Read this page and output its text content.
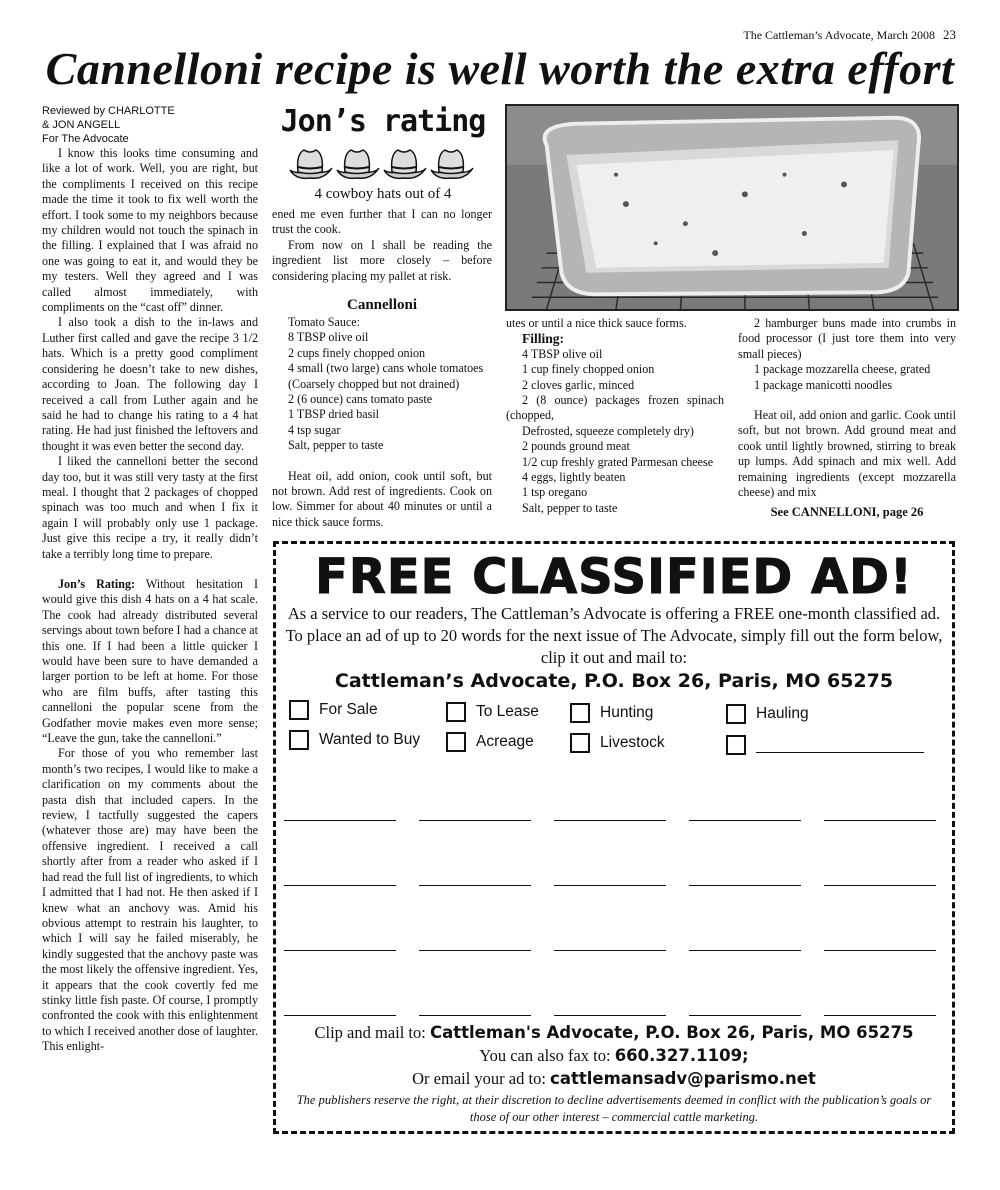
The Cattleman’s Advocate, March 2008 23
Cannelloni recipe is well worth the extra effort

Reviewed by CHARLOTTE

& JON ANGELL

For The Advocate

I know this looks time consuming and like a lot of work. Well, you are right, but the compliments I received on this recipe made the time it took to fix well worth the effort. I took some to my neighbors because my children would not touch the spinach in the filling. I explained that I was afraid no one was going to eat it, and would they be my testers. Well they agreed and I was called almost immediately, with compliments on the “cast off” dinner.

I also took a dish to the in-laws and Luther first called and gave the recipe 3 1/2 hats. Which is a pretty good compliment considering he doesn’t take to new dishes, according to Joan. The following day I received a call from Luther again and he said he had to change his rating to a 4 hat rating. He had just finished the leftovers and thought it was even better the second day.

I liked the cannelloni better the second day too, but it was still very tasty at the first meal. I thought that 2 packages of chopped spinach was too much and when I fix it again I will probably only use 1 package. Just give this recipe a try, it really didn’t take a terribly long time to prepare.

Jon’s Rating: Without hesitation I would give this dish 4 hats on a 4 hat scale. The cook had already distributed several servings about town before I had a chance at this one. If I had been a little quicker I would have been sure to have demanded a larger portion to be left at home. For those who are film buffs, after tasting this cannelloni the popular scene from the Godfather movie makes even more sense; “Leave the gun, take the cannelloni.”

For those of you who remember last month’s two recipes, I would like to make a clarification on my comments about the pasta dish that included capers. In the review, I tactfully suggested the capers (whatever those are) may have been the offensive ingredient. I received a call shortly after from a reader who asked if I had read the full list of ingredients, to which I admitted that I had not. He then asked if I knew what an anchovy was. Amid his obvious attempt to restrain his laughter, to which I will say he failed miserably, he kindly suggested that the anchovy paste was the most likely the offensive ingredient. Yes, it appears that the cook covertly fed me stinky little fish paste. Of course, I promptly confronted the cook with this enlightenment to which I received another dose of laughter. This enlight-

Jon’s rating
4 cowboy hats out of 4

ened me even further that I can no longer trust the cook.

From now on I shall be reading the ingredient list more closely – before considering placing my pallet at risk.

Cannelloni

Tomato Sauce:

8 TBSP olive oil

2 cups finely chopped onion

4 small (two large) cans whole tomatoes

(Coarsely chopped but not drained)

2 (6 ounce) cans tomato paste

1 TBSP dried basil

4 tsp sugar

Salt, pepper to taste

Heat oil, add onion, cook until soft, but not brown. Add rest of ingredients. Cook on low. Simmer for about 40 minutes or until a nice thick sauce forms.

utes or until a nice thick sauce forms.

Filling:

4 TBSP olive oil

1 cup finely chopped onion

2 cloves garlic, minced

2 (8 ounce) packages frozen spinach (chopped,

Defrosted, squeeze completely dry)

2 pounds ground meat

1/2 cup freshly grated Parmesan cheese

4 eggs, lightly beaten

1 tsp oregano

Salt, pepper to taste

2 hamburger buns made into crumbs in food processor (I just tore them into very small pieces)

1 package mozzarella cheese, grated

1 package manicotti noodles

Heat oil, add onion and garlic. Cook until soft, but not brown. Add ground meat and cook until lightly browned, stirring to break up lumps. Add spinach and mix well. Add remaining ingredients (except mozzarella cheese) and mix

See CANNELLONI, page 26
FREE CLASSIFIED AD!
As a service to our readers, The Cattleman’s Advocate is offering a FREE one-month classified ad. To place an ad of up to 20 words for the next issue of The Advocate, simply fill out the form below, clip it out and mail to:
Cattleman’s Advocate, P.O. Box 26, Paris, MO 65275
For Sale	To Lease	Hunting	Hauling
Wanted to Buy	Acreage	Livestock
Clip and mail to: Cattleman's Advocate, P.O. Box 26, Paris, MO 65275
You can also fax to: 660.327.1109;
Or email your ad to: cattlemansadv@parismo.net
The publishers reserve the right, at their discretion to decline advertisements deemed in conflict with the publication’s goals or those of our other interest – commercial cattle marketing.
